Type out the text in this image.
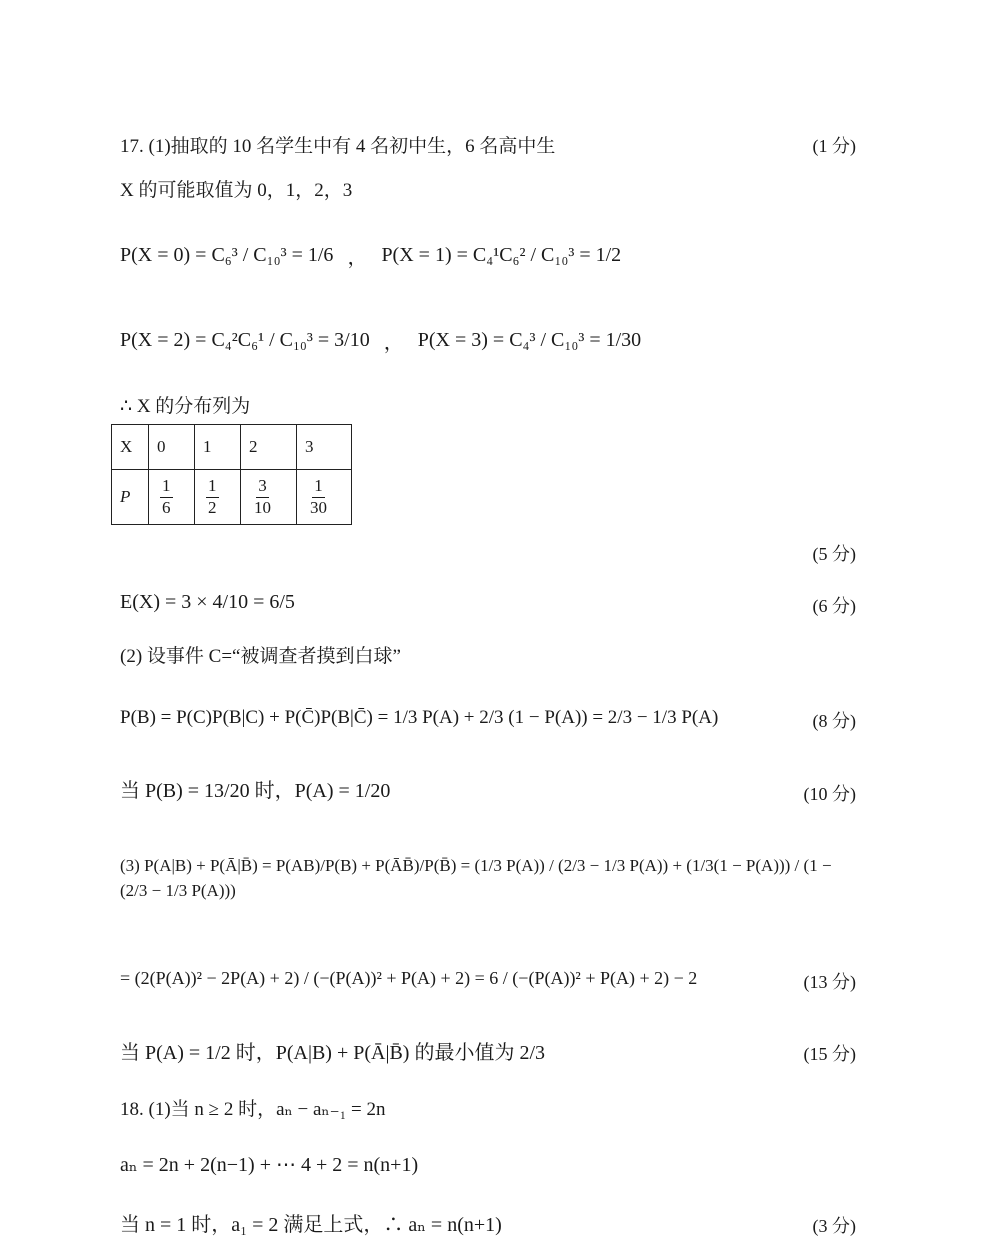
17. (1)抽取的 10 名学生中有 4 名初中生，6 名高中生	(1 分)
X 的可能取值为 0，1，2，3
P(X = 0) = C₆³ / C₁₀³ = 1/6 ， P(X = 1) = C₄¹C₆² / C₁₀³ = 1/2
P(X = 2) = C₄²C₆¹ / C₁₀³ = 3/10 ， P(X = 3) = C₄³ / C₁₀³ = 1/30
∴ X 的分布列为
X	0	1	2	3
P	$\frac{1}{6}$	$\frac{1}{2}$	$\frac{3}{10}$	$\frac{1}{30}$
(5 分)
E(X) = 3 × 4/10 = 6/5	(6 分)
(2) 设事件 C=“被调查者摸到白球”
P(B) = P(C)P(B|C) + P(C̄)P(B|C̄) = 1/3 P(A) + 2/3 (1 − P(A)) = 2/3 − 1/3 P(A)	(8 分)
当 P(B) = 13/20 时，P(A) = 1/20	(10 分)
(3) P(A|B) + P(Ā|B̄) = P(AB)/P(B) + P(ĀB̄)/P(B̄) = (1/3 P(A)) / (2/3 − 1/3 P(A)) + (1/3(1 − P(A))) / (1 − (2/3 − 1/3 P(A)))
= (2(P(A))² − 2P(A) + 2) / (−(P(A))² + P(A) + 2) = 6 / (−(P(A))² + P(A) + 2) − 2	(13 分)
当 P(A) = 1/2 时，P(A|B) + P(Ā|B̄) 的最小值为 2/3	(15 分)
18. (1)当 n ≥ 2 时，aₙ − aₙ₋₁ = 2n
aₙ = 2n + 2(n−1) + ⋯ 4 + 2 = n(n+1)
当 n = 1 时，a₁ = 2 满足上式，∴ aₙ = n(n+1)	(3 分)
